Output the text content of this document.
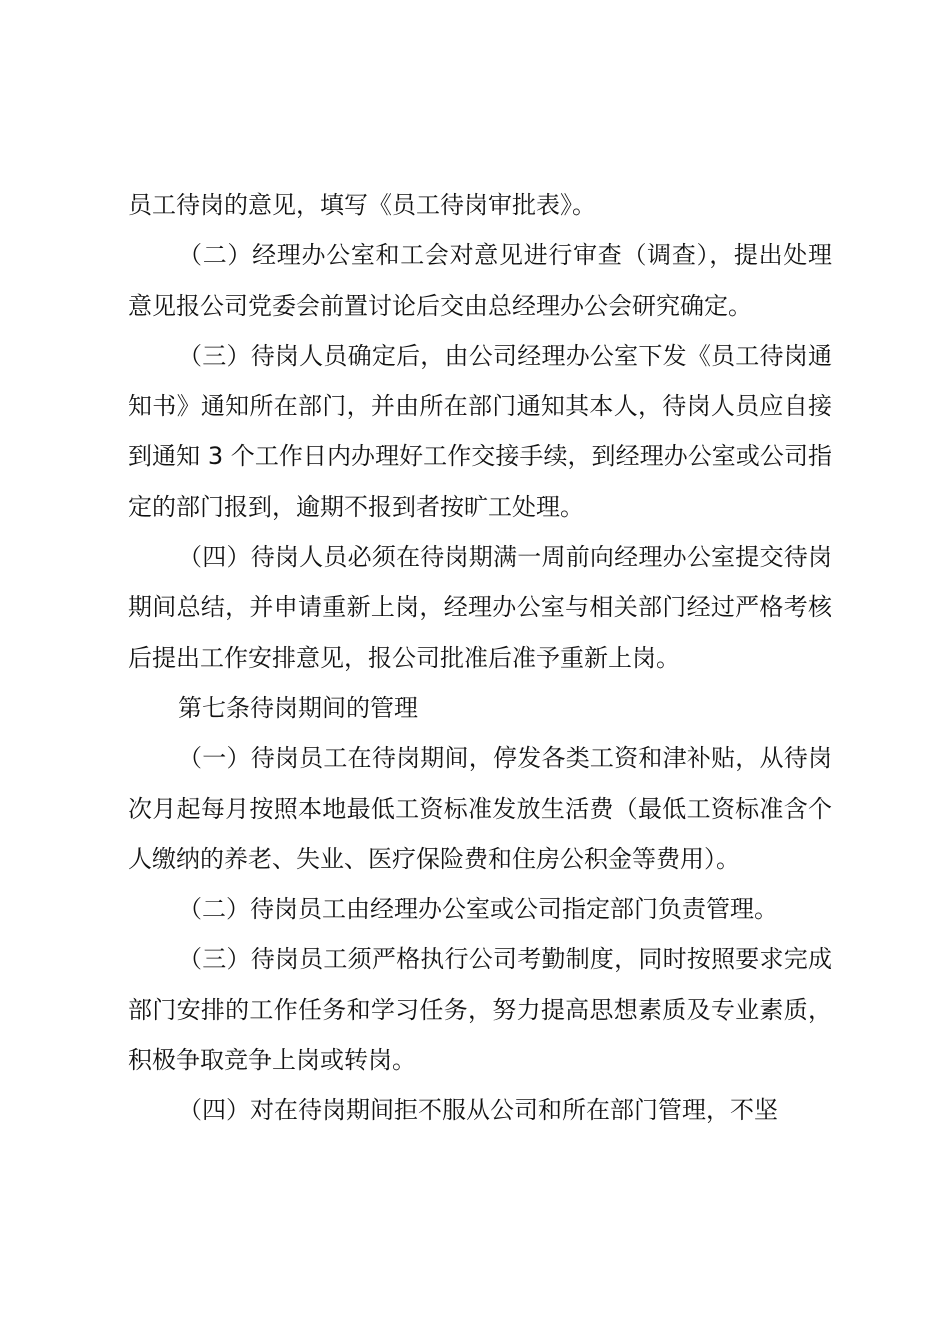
员工待岗的意见，填写《员工待岗审批表》。

（二）经理办公室和工会对意见进行审查（调查），提出处理意见报公司党委会前置讨论后交由总经理办公会研究确定。

（三）待岗人员确定后，由公司经理办公室下发《员工待岗通知书》通知所在部门，并由所在部门通知其本人，待岗人员应自接到通知 3 个工作日内办理好工作交接手续，到经理办公室或公司指定的部门报到，逾期不报到者按旷工处理。

（四）待岗人员必须在待岗期满一周前向经理办公室提交待岗期间总结，并申请重新上岗，经理办公室与相关部门经过严格考核后提出工作安排意见，报公司批准后准予重新上岗。

第七条待岗期间的管理

（一）待岗员工在待岗期间，停发各类工资和津补贴，从待岗次月起每月按照本地最低工资标准发放生活费（最低工资标准含个人缴纳的养老、失业、医疗保险费和住房公积金等费用）。

（二）待岗员工由经理办公室或公司指定部门负责管理。

（三）待岗员工须严格执行公司考勤制度，同时按照要求完成部门安排的工作任务和学习任务，努力提高思想素质及专业素质，积极争取竞争上岗或转岗。

（四）对在待岗期间拒不服从公司和所在部门管理，不坚
